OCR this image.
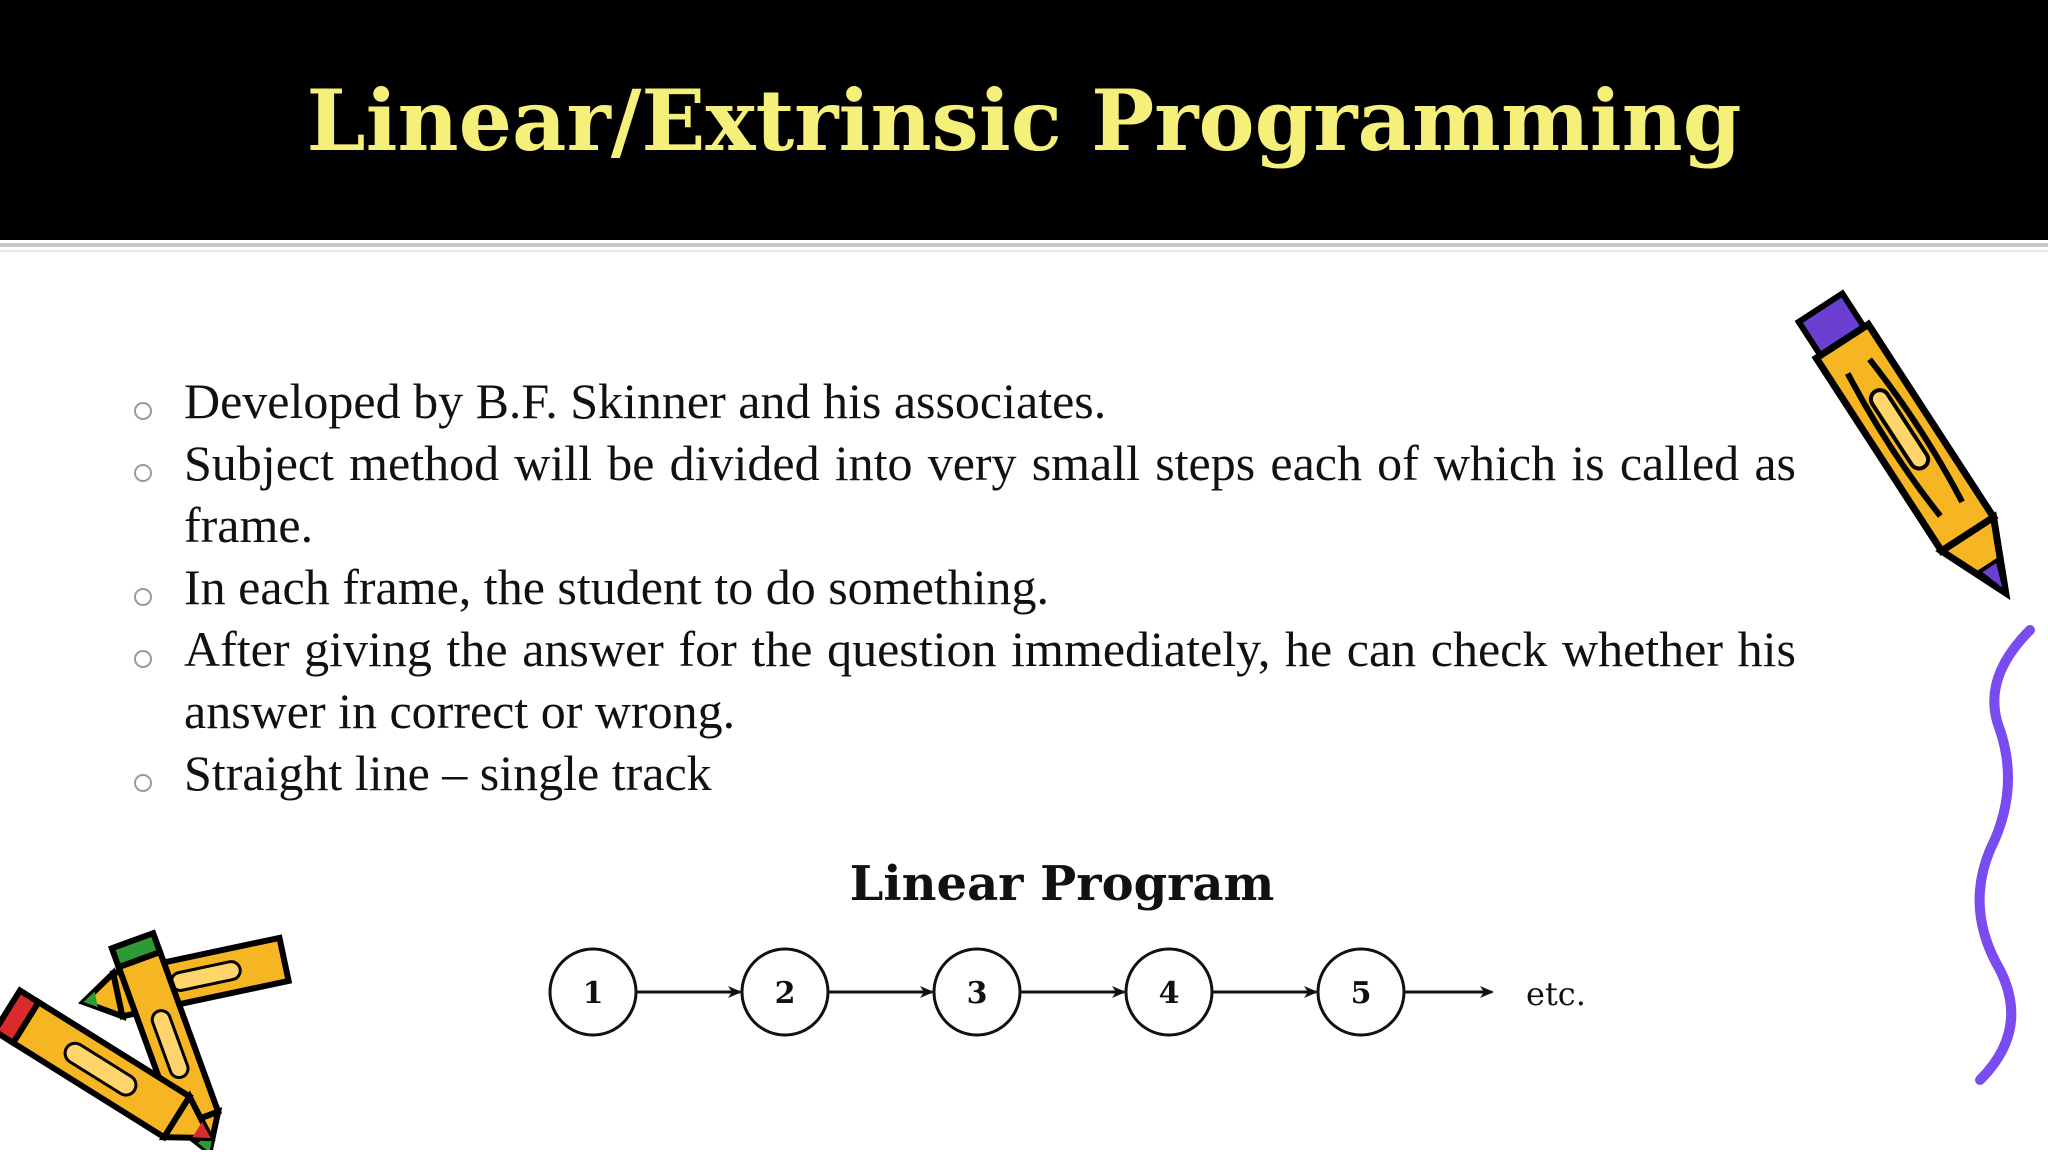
Linear/Extrinsic Programming
Developed by B.F. Skinner and his associates.
Subject method will be divided into very small steps each of which is called as frame.
In each frame, the student to do something.
After giving the answer for the question immediately, he can check whether his answer in correct or wrong.
Straight line – single track
Linear Program
1	2	3	4	5	etc.
